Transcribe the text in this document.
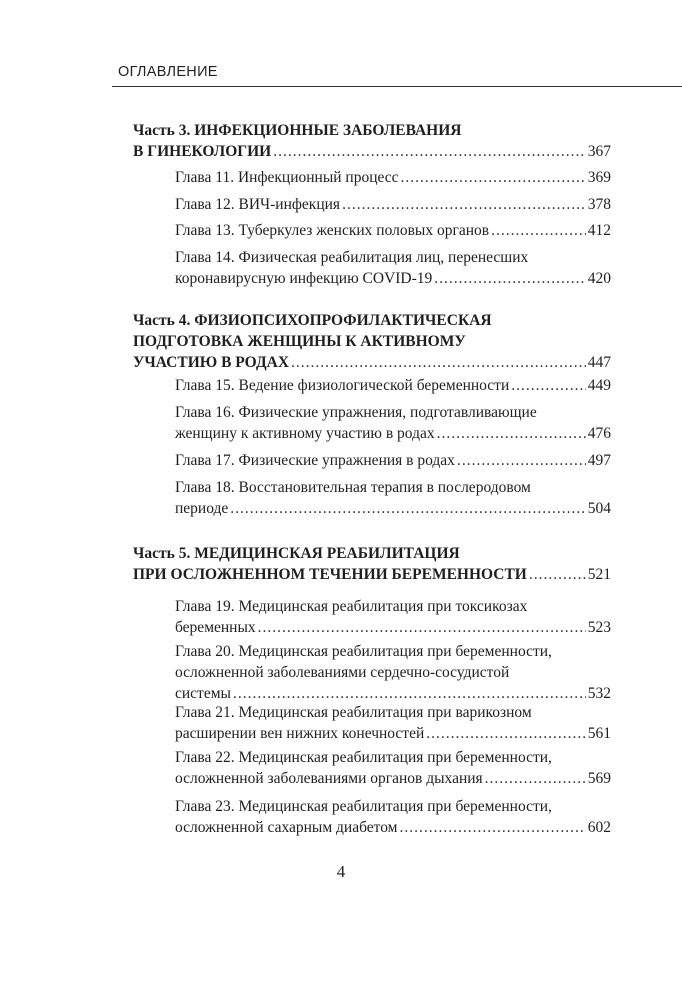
ОГЛАВЛЕНИЕ
Часть 3. ИНФЕКЦИОННЫЕ ЗАБОЛЕВАНИЯ
В ГИНЕКОЛОГИИ .....	367
Глава 11. Инфекционный процесс .....	369
Глава 12. ВИЧ-инфекция .....	378
Глава 13. Туберкулез женских половых органов .....	412
Глава 14. Физическая реабилитация лиц, перенесших
коронавирусную инфекцию COVID-19 .....	420
Часть 4. ФИЗИОПСИХОПРОФИЛАКТИЧЕСКАЯ
ПОДГОТОВКА ЖЕНЩИНЫ К АКТИВНОМУ
УЧАСТИЮ В РОДАХ .....	447
Глава 15. Ведение физиологической беременности .....	449
Глава 16. Физические упражнения, подготавливающие
женщину к активному участию в родах .....	476
Глава 17. Физические упражнения в родах .....	497
Глава 18. Восстановительная терапия в послеродовом
периоде .....	504
Часть 5. МЕДИЦИНСКАЯ РЕАБИЛИТАЦИЯ
ПРИ ОСЛОЖНЕННОМ ТЕЧЕНИИ БЕРЕМЕННОСТИ .....	521
Глава 19. Медицинская реабилитация при токсикозах
беременных .....	523
Глава 20. Медицинская реабилитация при беременности,
осложненной заболеваниями сердечно-сосудистой
системы .....	532
Глава 21. Медицинская реабилитация при варикозном
расширении вен нижних конечностей .....	561
Глава 22. Медицинская реабилитация при беременности,
осложненной заболеваниями органов дыхания .....	569
Глава 23. Медицинская реабилитация при беременности,
осложненной сахарным диабетом .....	602
4
